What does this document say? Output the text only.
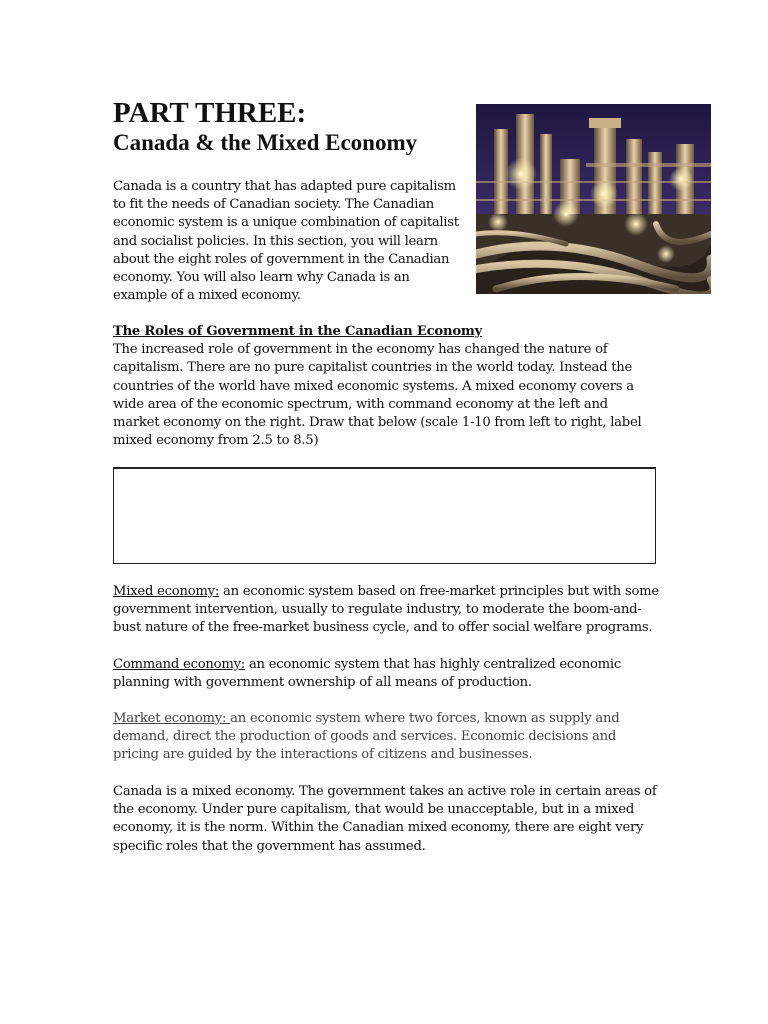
PART THREE:
Canada & the Mixed Economy

Canada is a country that has adapted pure capitalism to fit the needs of Canadian society. The Canadian economic system is a unique combination of capitalist and socialist policies. In this section, you will learn about the eight roles of government in the Canadian economy. You will also learn why Canada is an example of a mixed economy.

The Roles of Government in the Canadian Economy
The increased role of government in the economy has changed the nature of capitalism. There are no pure capitalist countries in the world today. Instead the countries of the world have mixed economic systems. A mixed economy covers a wide area of the economic spectrum, with command economy at the left and market economy on the right. Draw that below (scale 1-10 from left to right, label mixed economy from 2.5 to 8.5)

Mixed economy: an economic system based on free-market principles but with some government intervention, usually to regulate industry, to moderate the boom-and-bust nature of the free-market business cycle, and to offer social welfare programs.

Command economy: an economic system that has highly centralized economic planning with government ownership of all means of production.

Market economy: an economic system where two forces, known as supply and demand, direct the production of goods and services. Economic decisions and pricing are guided by the interactions of citizens and businesses.

Canada is a mixed economy. The government takes an active role in certain areas of the economy. Under pure capitalism, that would be unacceptable, but in a mixed economy, it is the norm. Within the Canadian mixed economy, there are eight very specific roles that the government has assumed.
